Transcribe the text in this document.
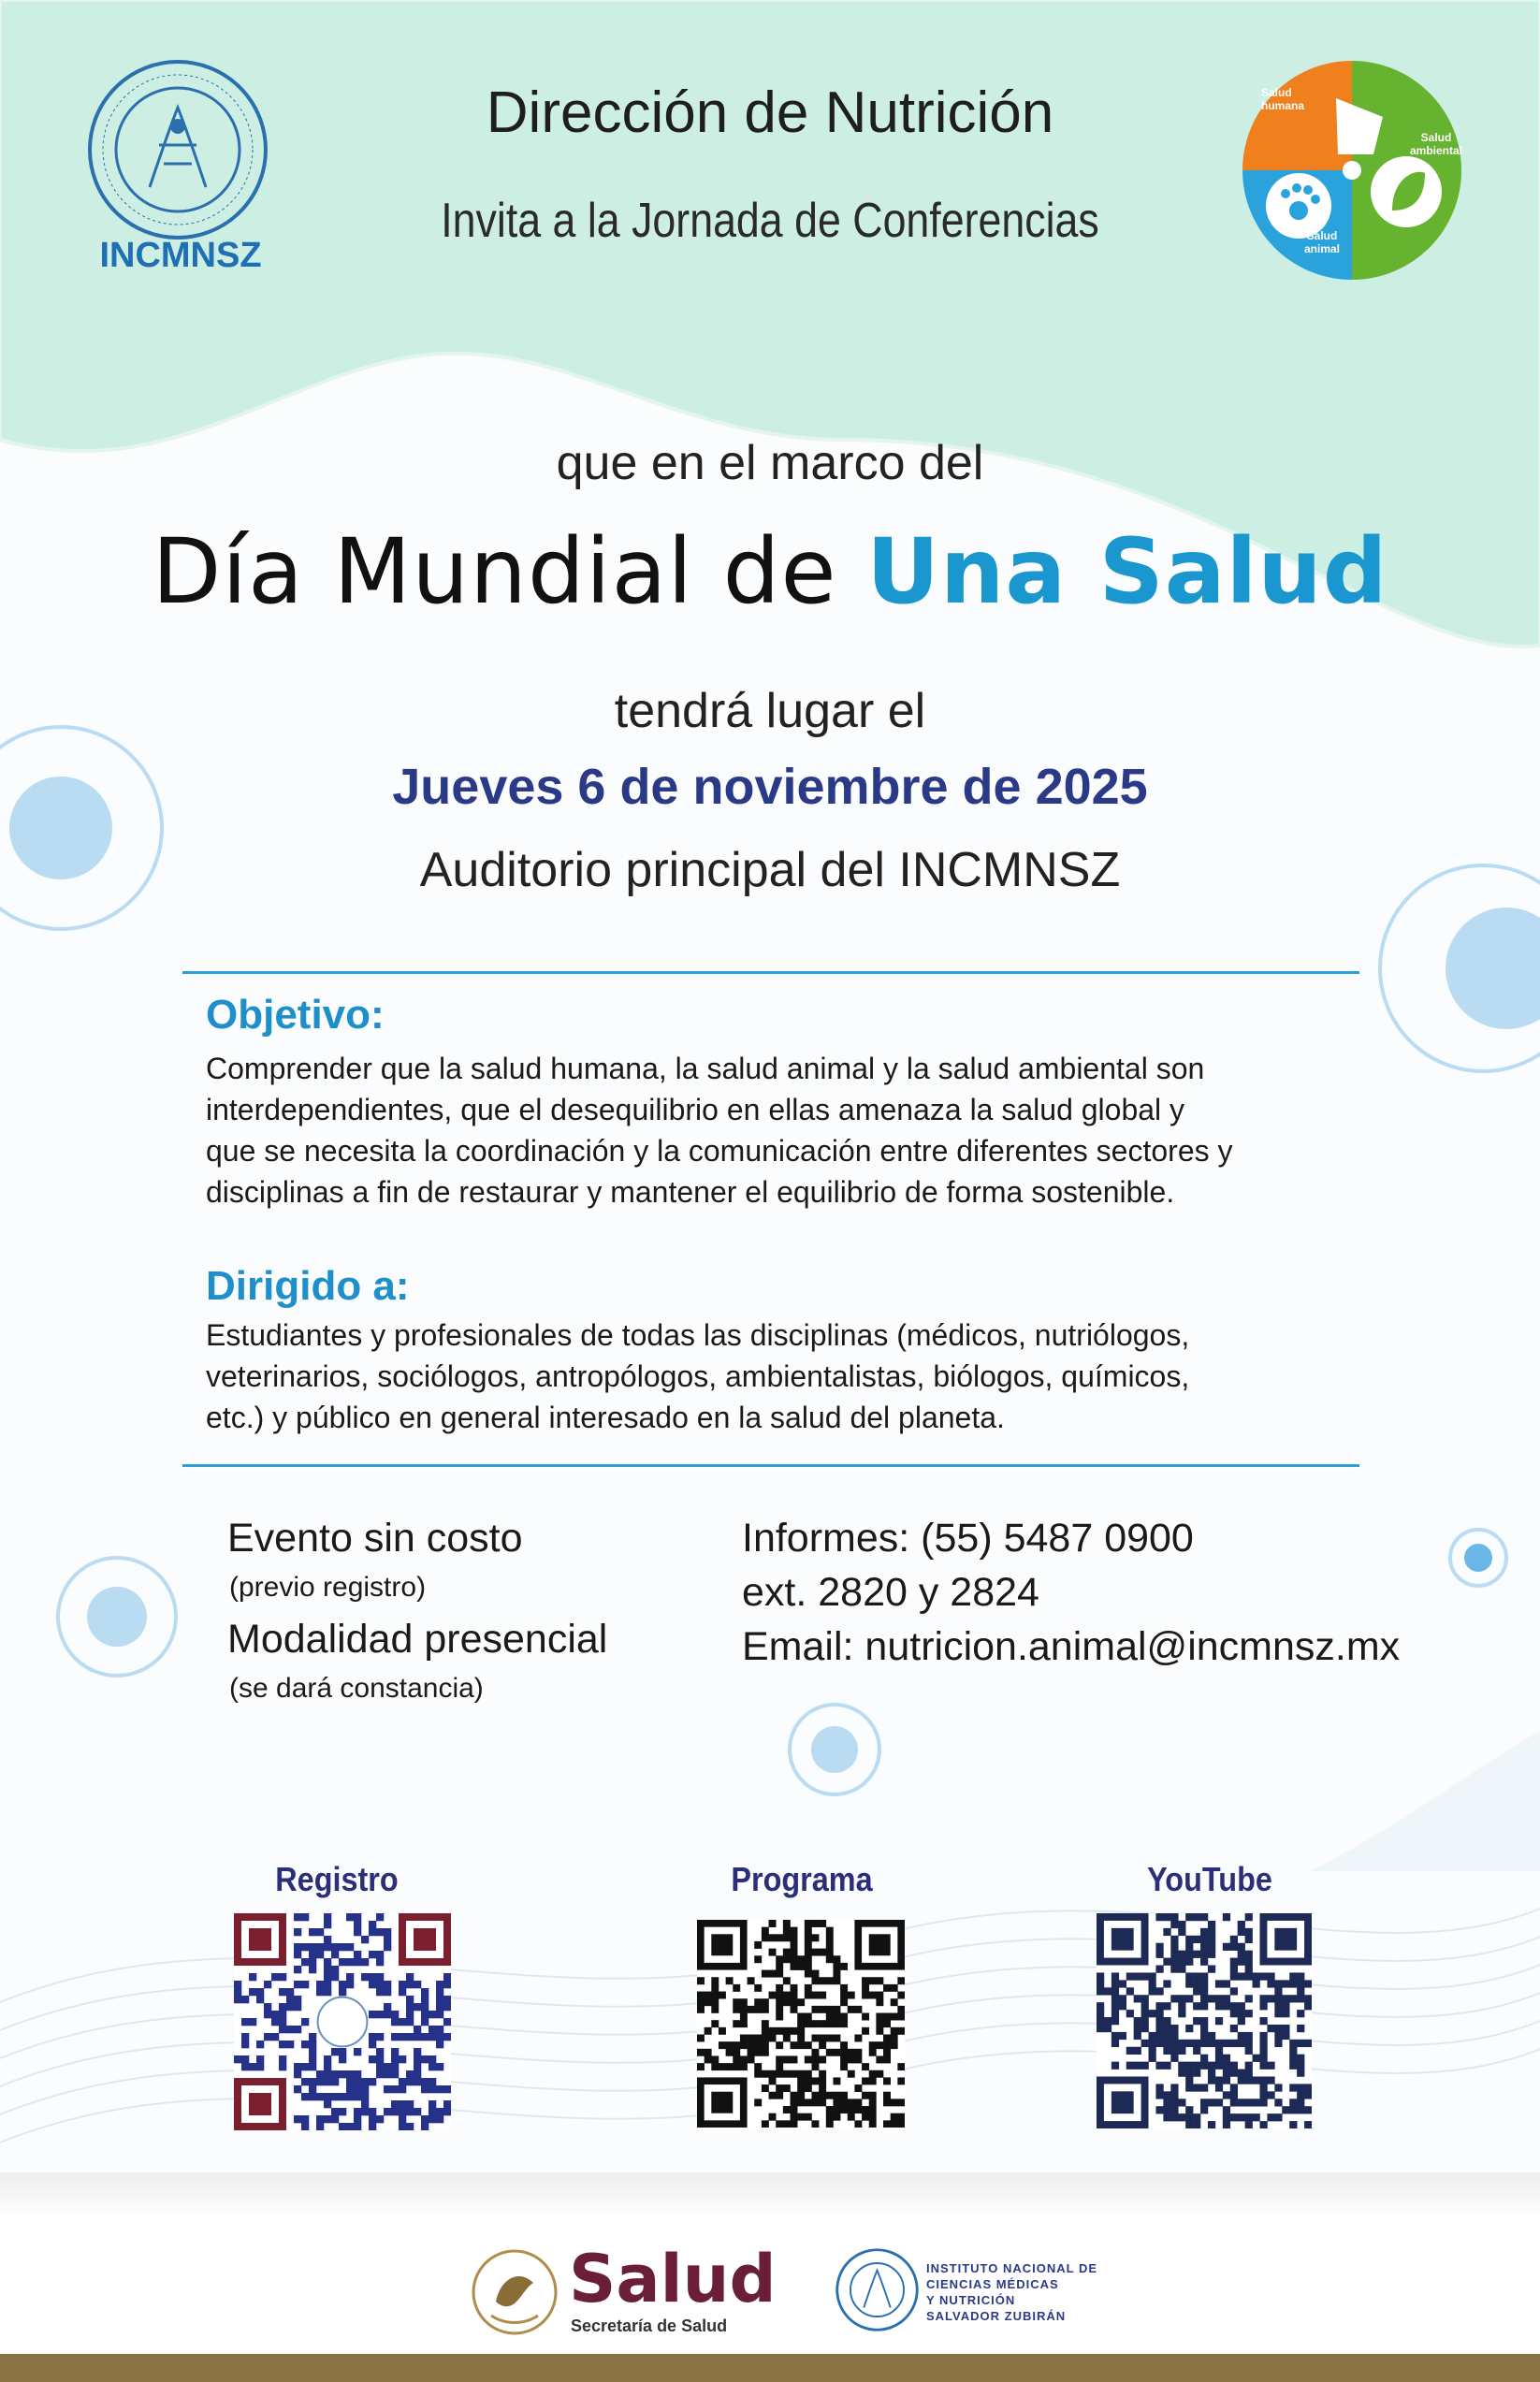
INCMNSZ
Salud humana
Salud ambiental
Salud animal
Dirección de Nutrición
Invita a la Jornada de Conferencias
que en el marco del
Día Mundial de Una Salud
tendrá lugar el
Jueves 6 de noviembre de 2025
Auditorio principal del INCMNSZ
Objetivo:
Comprender que la salud humana, la salud animal y la salud ambiental son
interdependientes, que el desequilibrio en ellas amenaza la salud global y
que se necesita la coordinación y la comunicación entre diferentes sectores y
disciplinas a fin de restaurar y mantener el equilibrio de forma sostenible.
Dirigido a:
Estudiantes y profesionales de todas las disciplinas (médicos, nutriólogos,
veterinarios, sociólogos, antropólogos, ambientalistas, biólogos, químicos,
etc.) y público en general interesado en la salud del planeta.
Evento sin costo
(previo registro)
Modalidad presencial
(se dará constancia)
Informes: (55) 5487 0900
ext. 2820 y 2824
Email: nutricion.animal@incmnsz.mx
Registro	Programa	YouTube
Salud
Secretaría de Salud
INSTITUTO NACIONAL DE
CIENCIAS MÉDICAS
Y NUTRICIÓN
SALVADOR ZUBIRÁN
